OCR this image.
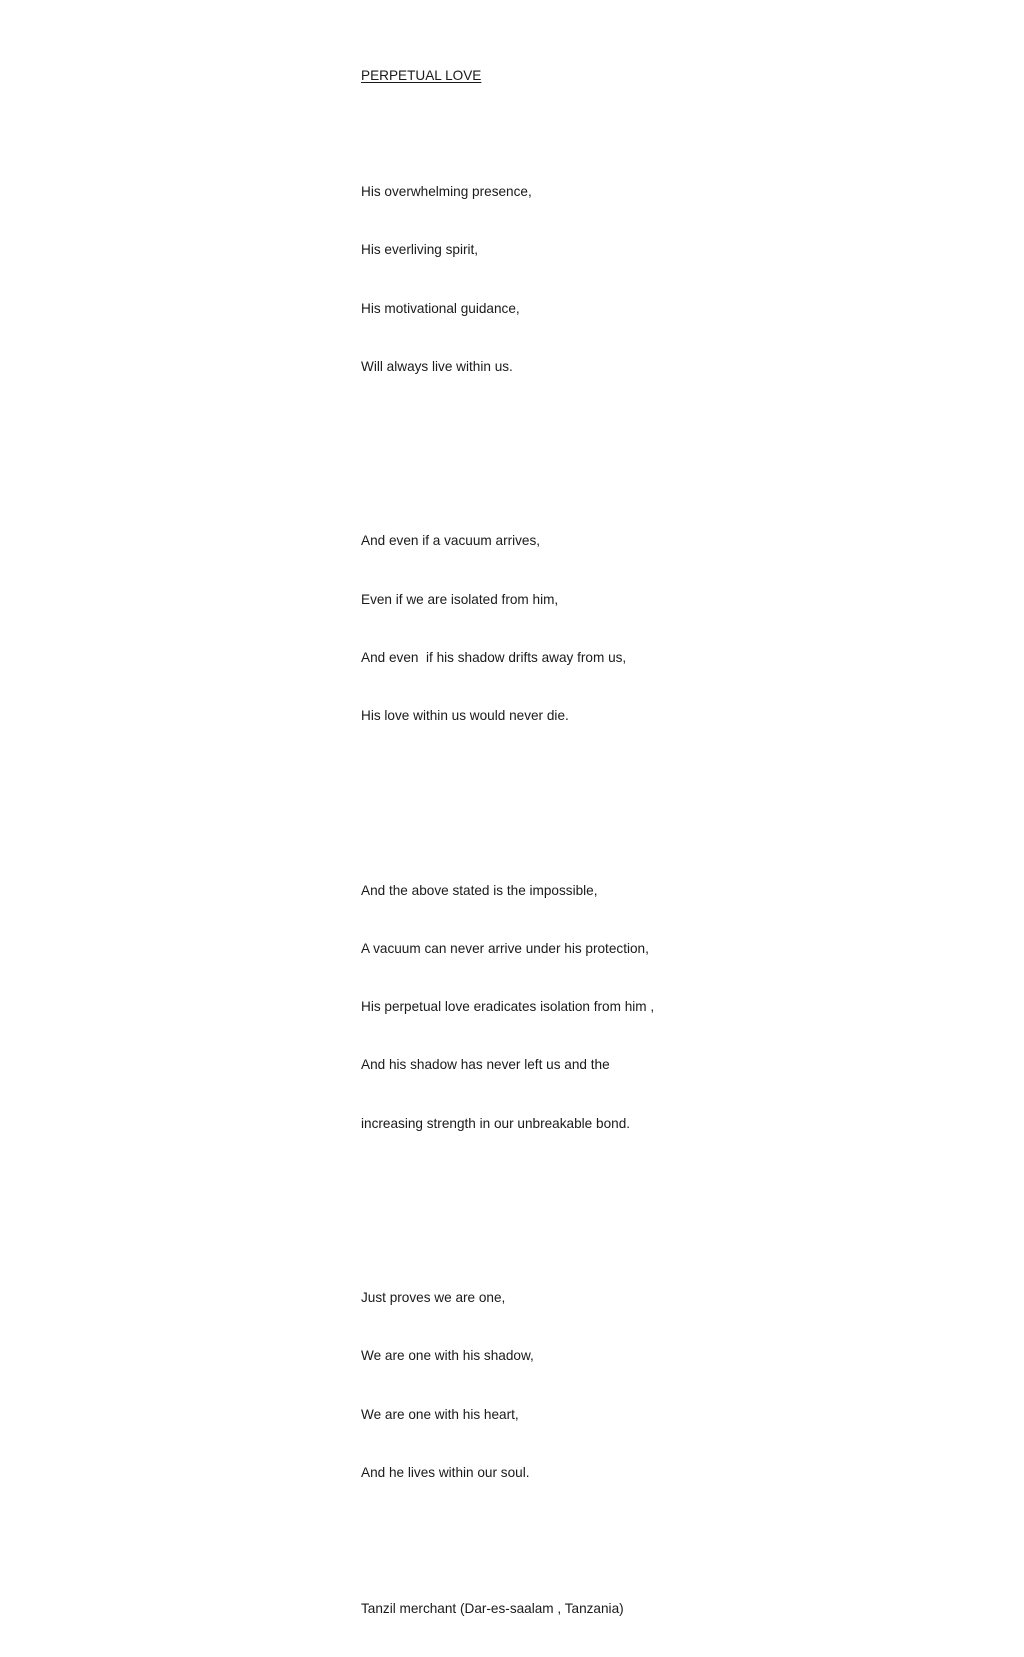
PERPETUAL LOVE

His overwhelming presence,

His everliving spirit,

His motivational guidance,

Will always live within us.

And even if a vacuum arrives,

Even if we are isolated from him,

And even  if his shadow drifts away from us,

His love within us would never die.

And the above stated is the impossible,

A vacuum can never arrive under his protection,

His perpetual love eradicates isolation from him ,

And his shadow has never left us and the

increasing strength in our unbreakable bond.

Just proves we are one,

We are one with his shadow,

We are one with his heart,

And he lives within our soul.

Tanzil merchant (Dar-es-saalam , Tanzania)
